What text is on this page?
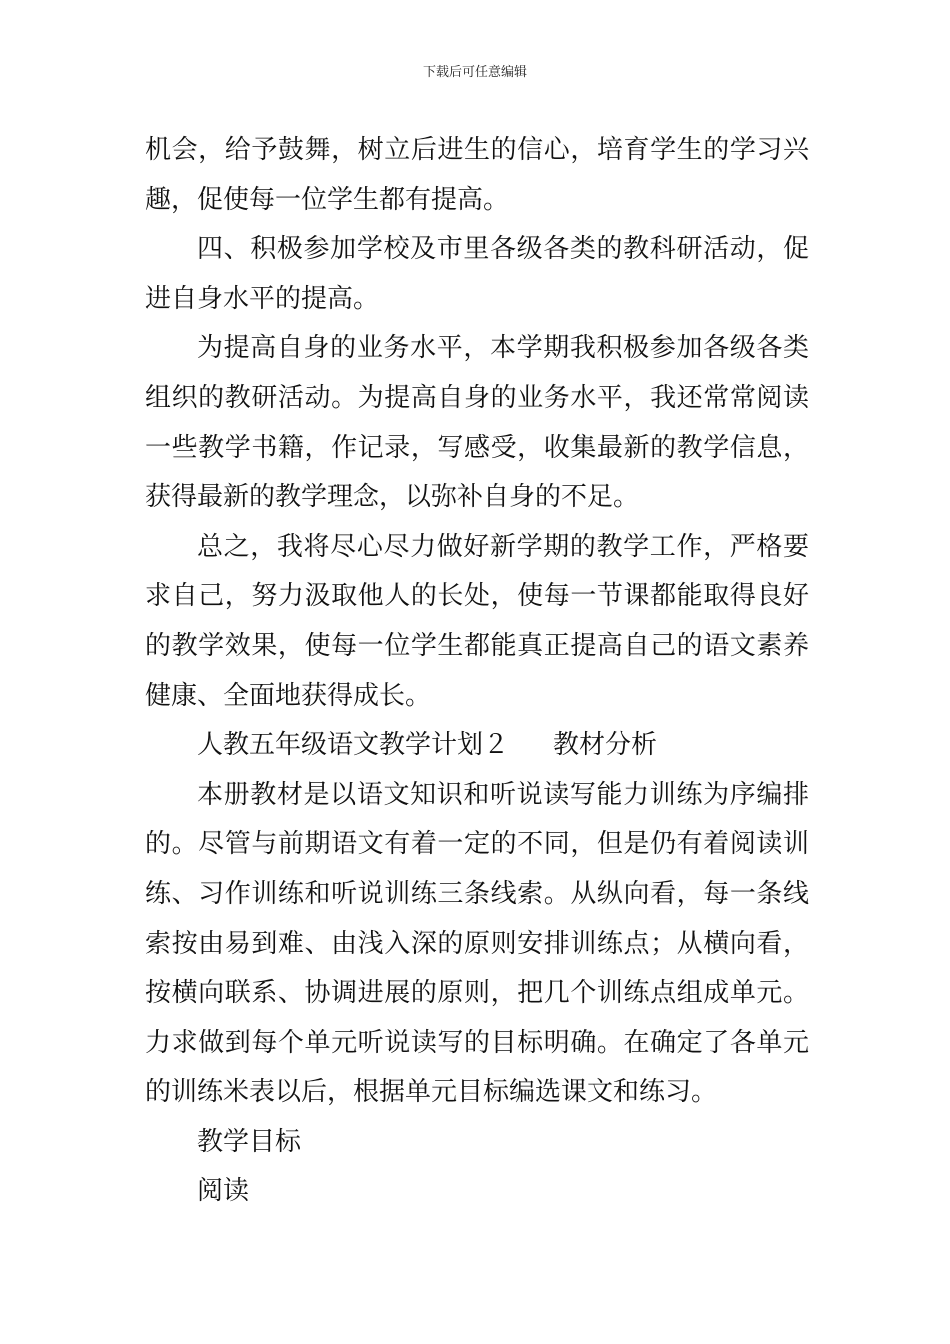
下载后可任意编辑
机会，给予鼓舞，树立后进生的信心，培育学生的学习兴
趣，促使每一位学生都有提高。
四、积极参加学校及市里各级各类的教科研活动，促
进自身水平的提高。
为提高自身的业务水平，本学期我积极参加各级各类
组织的教研活动。为提高自身的业务水平，我还常常阅读
一些教学书籍，作记录，写感受，收集最新的教学信息，
获得最新的教学理念，以弥补自身的不足。
总之，我将尽心尽力做好新学期的教学工作，严格要
求自己，努力汲取他人的长处，使每一节课都能取得良好
的教学效果，使每一位学生都能真正提高自己的语文素养
健康、全面地获得成长。
人教五年级语文教学计划２ 教材分析
本册教材是以语文知识和听说读写能力训练为序编排
的。尽管与前期语文有着一定的不同，但是仍有着阅读训
练、习作训练和听说训练三条线索。从纵向看，每一条线
索按由易到难、由浅入深的原则安排训练点；从横向看，
按横向联系、协调进展的原则，把几个训练点组成单元。
力求做到每个单元听说读写的目标明确。在确定了各单元
的训练米表以后，根据单元目标编选课文和练习。
教学目标
阅读
